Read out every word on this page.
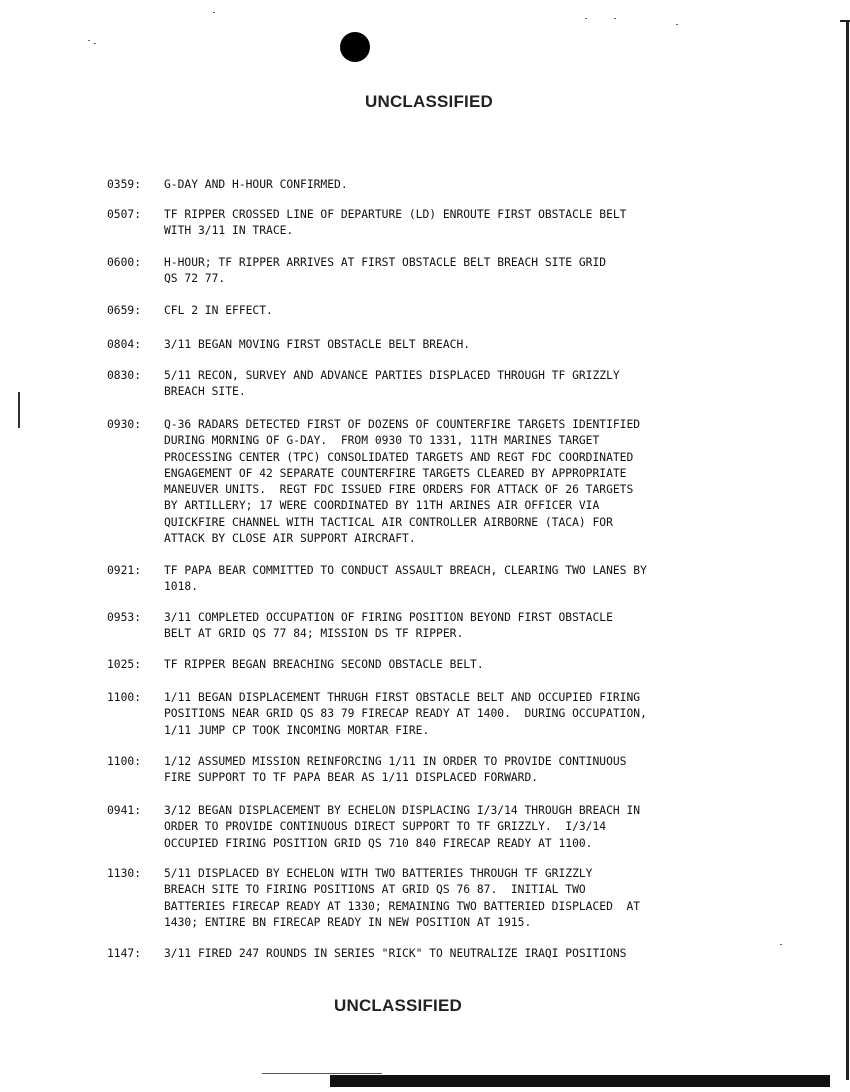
UNCLASSIFIED
0359:	G-DAY AND H-HOUR CONFIRMED.
0507:	TF RIPPER CROSSED LINE OF DEPARTURE (LD) ENROUTE FIRST OBSTACLE BELT
WITH 3/11 IN TRACE.
0600:	H-HOUR; TF RIPPER ARRIVES AT FIRST OBSTACLE BELT BREACH SITE GRID
QS 72 77.
0659:	CFL 2 IN EFFECT.
0804:	3/11 BEGAN MOVING FIRST OBSTACLE BELT BREACH.
0830:	5/11 RECON, SURVEY AND ADVANCE PARTIES DISPLACED THROUGH TF GRIZZLY
BREACH SITE.
0930:	Q-36 RADARS DETECTED FIRST OF DOZENS OF COUNTERFIRE TARGETS IDENTIFIED
DURING MORNING OF G-DAY.  FROM 0930 TO 1331, 11TH MARINES TARGET
PROCESSING CENTER (TPC) CONSOLIDATED TARGETS AND REGT FDC COORDINATED
ENGAGEMENT OF 42 SEPARATE COUNTERFIRE TARGETS CLEARED BY APPROPRIATE
MANEUVER UNITS.  REGT FDC ISSUED FIRE ORDERS FOR ATTACK OF 26 TARGETS
BY ARTILLERY; 17 WERE COORDINATED BY 11TH ARINES AIR OFFICER VIA
QUICKFIRE CHANNEL WITH TACTICAL AIR CONTROLLER AIRBORNE (TACA) FOR
ATTACK BY CLOSE AIR SUPPORT AIRCRAFT.
0921:	TF PAPA BEAR COMMITTED TO CONDUCT ASSAULT BREACH, CLEARING TWO LANES BY
1018.
0953:	3/11 COMPLETED OCCUPATION OF FIRING POSITION BEYOND FIRST OBSTACLE
BELT AT GRID QS 77 84; MISSION DS TF RIPPER.
1025:	TF RIPPER BEGAN BREACHING SECOND OBSTACLE BELT.
1100:	1/11 BEGAN DISPLACEMENT THRUGH FIRST OBSTACLE BELT AND OCCUPIED FIRING
POSITIONS NEAR GRID QS 83 79 FIRECAP READY AT 1400.  DURING OCCUPATION,
1/11 JUMP CP TOOK INCOMING MORTAR FIRE.
1100:	1/12 ASSUMED MISSION REINFORCING 1/11 IN ORDER TO PROVIDE CONTINUOUS
FIRE SUPPORT TO TF PAPA BEAR AS 1/11 DISPLACED FORWARD.
0941:	3/12 BEGAN DISPLACEMENT BY ECHELON DISPLACING I/3/14 THROUGH BREACH IN
ORDER TO PROVIDE CONTINUOUS DIRECT SUPPORT TO TF GRIZZLY.  I/3/14
OCCUPIED FIRING POSITION GRID QS 710 840 FIRECAP READY AT 1100.
1130:	5/11 DISPLACED BY ECHELON WITH TWO BATTERIES THROUGH TF GRIZZLY
BREACH SITE TO FIRING POSITIONS AT GRID QS 76 87.  INITIAL TWO
BATTERIES FIRECAP READY AT 1330; REMAINING TWO BATTERIED DISPLACED  AT
1430; ENTIRE BN FIRECAP READY IN NEW POSITION AT 1915.
1147:	3/11 FIRED 247 ROUNDS IN SERIES "RICK" TO NEUTRALIZE IRAQI POSITIONS
UNCLASSIFIED
